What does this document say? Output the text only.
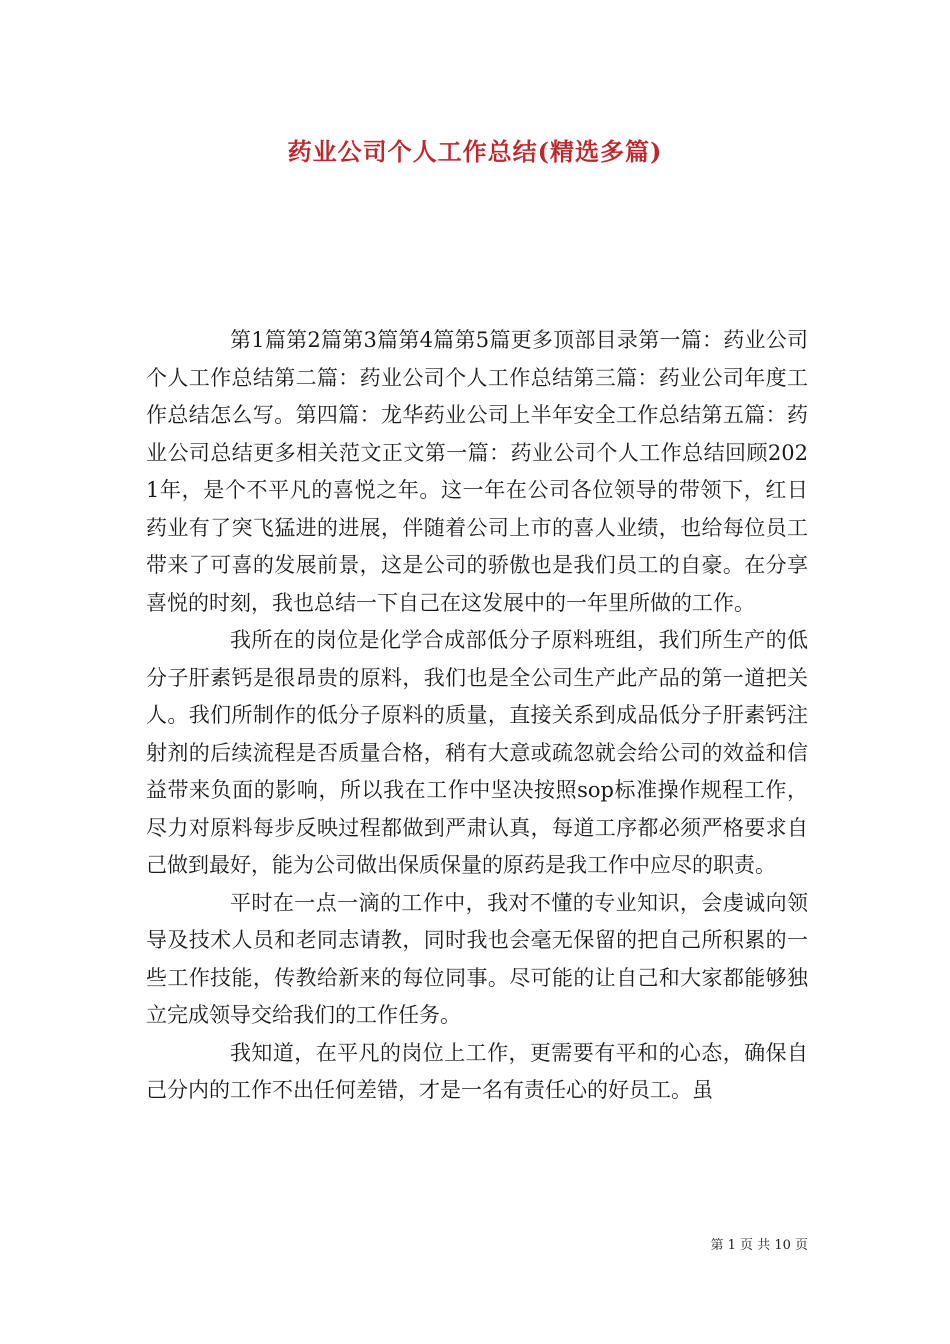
药业公司个人工作总结(精选多篇)

第1篇第2篇第3篇第4篇第5篇更多顶部目录第一篇：药业公司个人工作总结第二篇：药业公司个人工作总结第三篇：药业公司年度工作总结怎么写。第四篇：龙华药业公司上半年安全工作总结第五篇：药业公司总结更多相关范文正文第一篇：药业公司个人工作总结回顾2021年，是个不平凡的喜悦之年。这一年在公司各位领导的带领下，红日药业有了突飞猛进的进展，伴随着公司上市的喜人业绩，也给每位员工带来了可喜的发展前景，这是公司的骄傲也是我们员工的自豪。在分享喜悦的时刻，我也总结一下自己在这发展中的一年里所做的工作。

我所在的岗位是化学合成部低分子原料班组，我们所生产的低分子肝素钙是很昂贵的原料，我们也是全公司生产此产品的第一道把关人。我们所制作的低分子原料的质量，直接关系到成品低分子肝素钙注射剂的后续流程是否质量合格，稍有大意或疏忽就会给公司的效益和信益带来负面的影响，所以我在工作中坚决按照sop标准操作规程工作，尽力对原料每步反映过程都做到严肃认真，每道工序都必须严格要求自己做到最好，能为公司做出保质保量的原药是我工作中应尽的职责。

平时在一点一滴的工作中，我对不懂的专业知识，会虔诚向领导及技术人员和老同志请教，同时我也会毫无保留的把自己所积累的一些工作技能，传教给新来的每位同事。尽可能的让自己和大家都能够独立完成领导交给我们的工作任务。

我知道，在平凡的岗位上工作，更需要有平和的心态，确保自己分内的工作不出任何差错，才是一名有责任心的好员工。虽

第 1 页 共 10 页
